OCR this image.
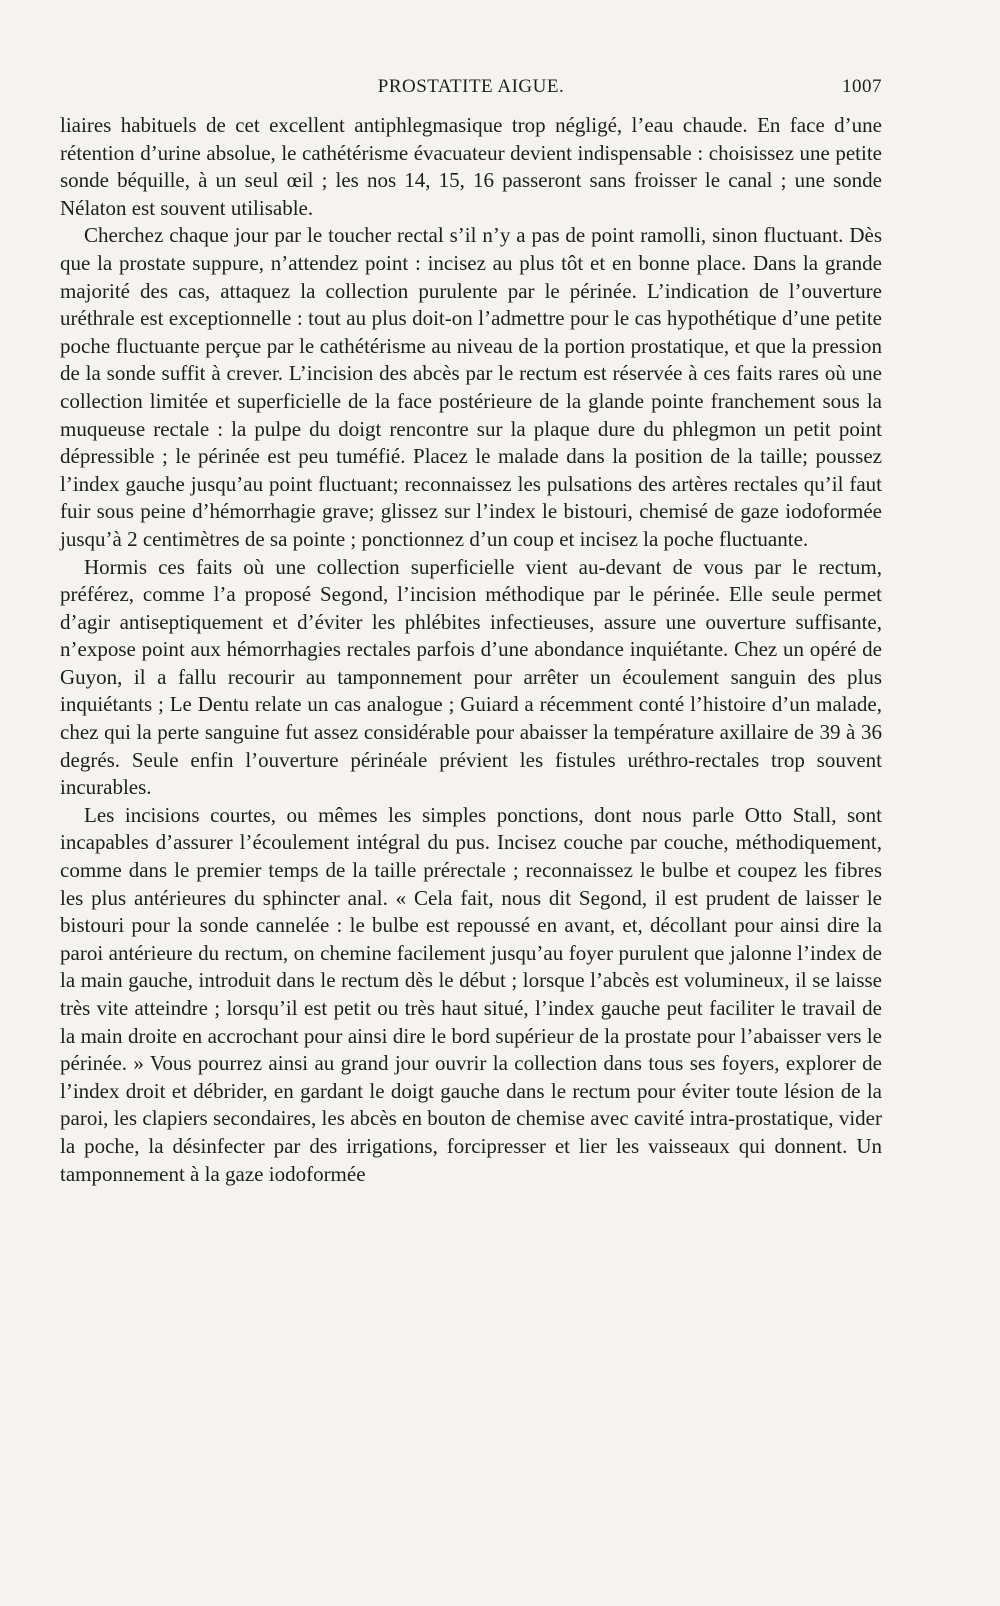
PROSTATITE AIGUE.	1007

liaires habituels de cet excellent antiphlegmasique trop négligé, l’eau chaude. En face d’une rétention d’urine absolue, le cathétérisme évacuateur devient indispensable : choisissez une petite sonde béquille, à un seul œil ; les nos 14, 15, 16 passeront sans froisser le canal ; une sonde Nélaton est souvent utilisable.

Cherchez chaque jour par le toucher rectal s’il n’y a pas de point ramolli, sinon fluctuant. Dès que la prostate suppure, n’attendez point : incisez au plus tôt et en bonne place. Dans la grande majorité des cas, attaquez la collection purulente par le périnée. L’indication de l’ouverture uréthrale est exceptionnelle : tout au plus doit-on l’admettre pour le cas hypothétique d’une petite poche fluctuante perçue par le cathétérisme au niveau de la portion prostatique, et que la pression de la sonde suffit à crever. L’incision des abcès par le rectum est réservée à ces faits rares où une collection limitée et superficielle de la face postérieure de la glande pointe franchement sous la muqueuse rectale : la pulpe du doigt rencontre sur la plaque dure du phlegmon un petit point dépressible ; le périnée est peu tuméfié. Placez le malade dans la position de la taille; poussez l’index gauche jusqu’au point fluctuant; reconnaissez les pulsations des artères rectales qu’il faut fuir sous peine d’hémorrhagie grave; glissez sur l’index le bistouri, chemisé de gaze iodoformée jusqu’à 2 centimètres de sa pointe ; ponctionnez d’un coup et incisez la poche fluctuante.

Hormis ces faits où une collection superficielle vient au-devant de vous par le rectum, préférez, comme l’a proposé Segond, l’incision méthodique par le périnée. Elle seule permet d’agir antiseptiquement et d’éviter les phlébites infectieuses, assure une ouverture suffisante, n’expose point aux hémorrhagies rectales parfois d’une abondance inquiétante. Chez un opéré de Guyon, il a fallu recourir au tamponnement pour arrêter un écoulement sanguin des plus inquiétants ; Le Dentu relate un cas analogue ; Guiard a récemment conté l’histoire d’un malade, chez qui la perte sanguine fut assez considérable pour abaisser la température axillaire de 39 à 36 degrés. Seule enfin l’ouverture périnéale prévient les fistules uréthro-rectales trop souvent incurables.

Les incisions courtes, ou mêmes les simples ponctions, dont nous parle Otto Stall, sont incapables d’assurer l’écoulement intégral du pus. Incisez couche par couche, méthodiquement, comme dans le premier temps de la taille prérectale ; reconnaissez le bulbe et coupez les fibres les plus antérieures du sphincter anal. « Cela fait, nous dit Segond, il est prudent de laisser le bistouri pour la sonde cannelée : le bulbe est repoussé en avant, et, décollant pour ainsi dire la paroi antérieure du rectum, on chemine facilement jusqu’au foyer purulent que jalonne l’index de la main gauche, introduit dans le rectum dès le début ; lorsque l’abcès est volumineux, il se laisse très vite atteindre ; lorsqu’il est petit ou très haut situé, l’index gauche peut faciliter le travail de la main droite en accrochant pour ainsi dire le bord supérieur de la prostate pour l’abaisser vers le périnée. » Vous pourrez ainsi au grand jour ouvrir la collection dans tous ses foyers, explorer de l’index droit et débrider, en gardant le doigt gauche dans le rectum pour éviter toute lésion de la paroi, les clapiers secondaires, les abcès en bouton de chemise avec cavité intra-prostatique, vider la poche, la désinfecter par des irrigations, forcipresser et lier les vaisseaux qui donnent. Un tamponnement à la gaze iodoformée
